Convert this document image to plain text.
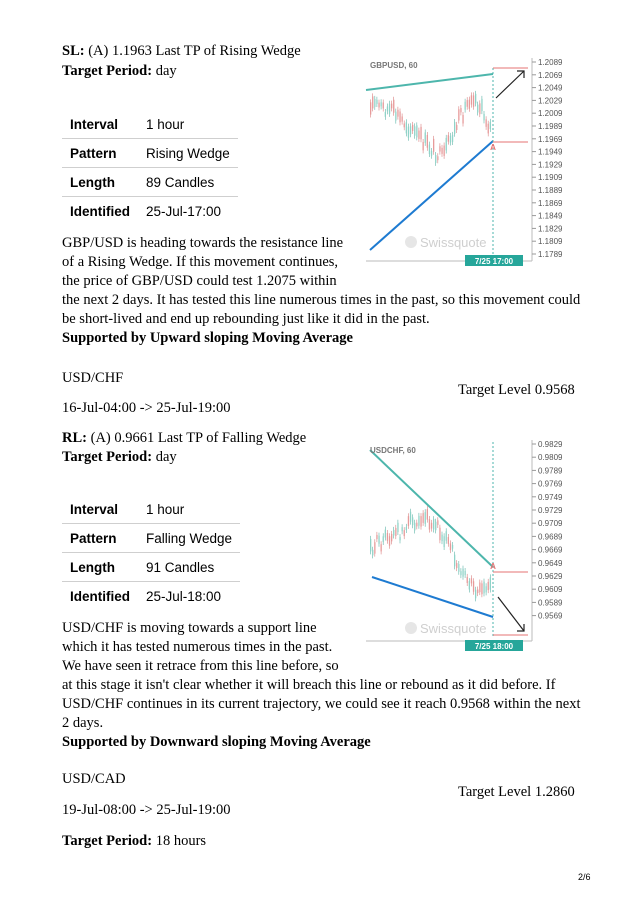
SL: (A) 1.1963 Last TP of Rising Wedge
Target Period: day
Interval	1 hour
Pattern	Rising Wedge
Length	89 Candles
Identified	25-Jul-17:00
A
GBPUSD, 60
Swissquote
7/25 17:00
1.2089
1.2069
1.2049
1.2029
1.2009
1.1989
1.1969
1.1949
1.1929
1.1909
1.1889
1.1869
1.1849
1.1829
1.1809
1.1789
GBP/USD is heading towards the resistance line
of a Rising Wedge. If this movement continues,
the price of GBP/USD could test 1.2075 within
the next 2 days. It has tested this line numerous times in the past, so this movement could
be short-lived and end up rebounding just like it did in the past.
Supported by Upward sloping Moving Average
USD/CHF
Target Level 0.9568
16-Jul-04:00 -> 25-Jul-19:00
RL: (A) 0.9661 Last TP of Falling Wedge
Target Period: day
Interval	1 hour
Pattern	Falling Wedge
Length	91 Candles
Identified	25-Jul-18:00
A
USDCHF, 60
Swissquote
7/25 18:00
0.9829
0.9809
0.9789
0.9769
0.9749
0.9729
0.9709
0.9689
0.9669
0.9649
0.9629
0.9609
0.9589
0.9569
USD/CHF is moving towards a support line
which it has tested numerous times in the past.
We have seen it retrace from this line before, so
at this stage it isn't clear whether it will breach this line or rebound as it did before. If
USD/CHF continues in its current trajectory, we could see it reach 0.9568 within the next
2 days.
Supported by Downward sloping Moving Average
USD/CAD
Target Level 1.2860
19-Jul-08:00 -> 25-Jul-19:00
Target Period: 18 hours
2/6
